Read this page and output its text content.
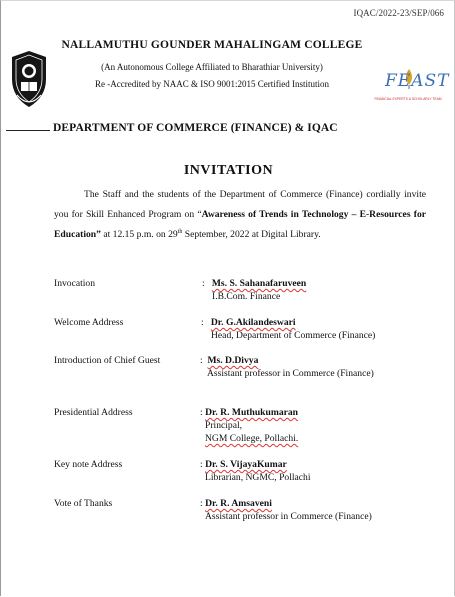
IQAC/2022-23/SEP/066
NALLAMUTHU GOUNDER MAHALINGAM COLLEGE
(An Autonomous College Affiliated to Bharathiar University)
Re -Accredited by NAAC & ISO 9001:2015 Certified Institution	FEAST
FINANCIAL EXPERTS & SCHOLARLY TEAM
DEPARTMENT OF COMMERCE (FINANCE) & IQAC
INVITATION
The Staff and the students of the Department of Commerce (Finance) cordially invite you for Skill Enhanced Program on “Awareness of Trends in Technology – E-Resources for Education” at 12.15 p.m. on 29th September, 2022 at Digital Library.
Invocation	:   Ms. S. Sahanafaruveen
I.B.Com. Finance
Welcome Address	:   Dr. G.Akilandeswari
Head, Department of Commerce (Finance)
Introduction of Chief Guest	:  Ms. D.Divya
Assistant professor in Commerce (Finance)
Presidential Address	: Dr. R. Muthukumaran
Principal,
NGM College, Pollachi.
Key note Address	: Dr. S. VijayaKumar
Librarian, NGMC, Pollachi
Vote of Thanks	: Dr. R. Amsaveni
Assistant professor in Commerce (Finance)
